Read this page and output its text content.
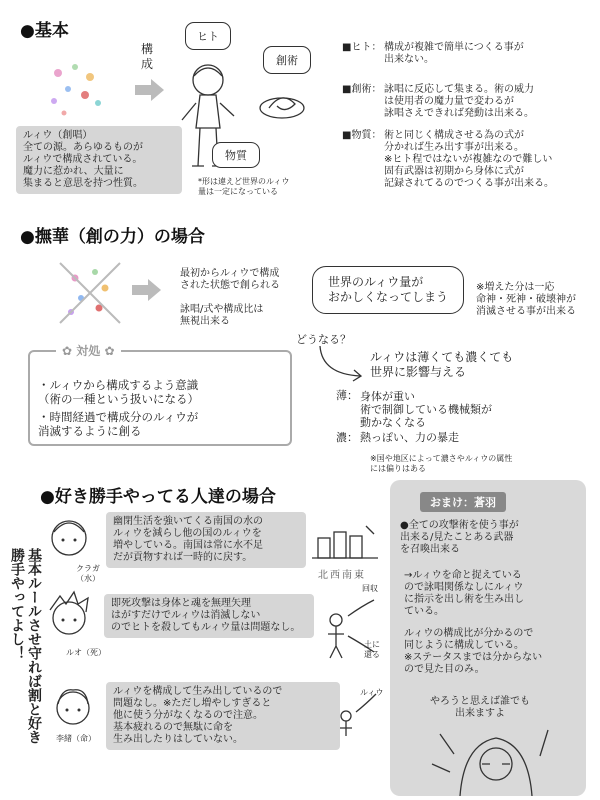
●基本
ルィウ（創唱）
全ての源。あらゆるものが
ルィウで構成されている。
魔力に惹かれ、大量に
集まると意思を持つ性質。
構
成
ヒト
創術
物質
*形は違えど世界のルィウ
量は一定になっている
■ヒト： 構成が複雑で簡単につくる事が
出来ない。
■創術： 詠唱に反応して集まる。術の威力
は使用者の魔力量で変わるが
詠唱さえできれば発動は出来る。
■物質： 術と同じく構成させる為の式が
分かれば生み出す事が出来る。
※ヒト程ではないが複雑なので難しい
固有武器は初期から身体に式が
記録されてるのでつくる事が出来る。
●撫華（創の力）の場合
最初からルィウで構成
された状態で創られる
詠唱/式や構成比は
無視出来る
世界のルィウ量が
おかしくなってしまう
※増えた分は一応
命神・死神・破壊神が
消滅させる事が出来る
どうなる？
✿ 対処 ✿
・ルィウから構成するよう意識
（術の一種という扱いになる）
・時間経過で構成分のルィウが
消滅するように創る
ルィウは薄くても濃くても
世界に影響与える
薄： 身体が重い
術で制御している機械類が
動かなくなる
濃： 熱っぽい、力の暴走
※国や地区によって濃さやルィウの属性
には偏りはある
●好き勝手やってる人達の場合
基本ルールさせ守れば割と好き勝手やってよし！	クラガ
（水）
幽閉生活を強いてくる南国の水の
ルィウを減らし他の国のルィウを
増やしている。南国は常に水不足
だが貢物すれば一時的に戻す。
ルオ（死）
即死攻撃は身体と魂を無理矢理
はがすだけでルィウは消滅しない
のでヒトを殺してもルィウ量は問題なし。
李緒（命）
ルィウを構成して生み出しているので
問題なし。※ただし増やしすぎると
他に使う分がなくなるので注意。
基本疲れるので無駄に命を
生み出したりはしていない。
北西南東
回収
土に
還る
ルィウ
おまけ：蒼羽
●全ての攻撃術を使う事が
出来る/見たことある武器
を召喚出来る
→ルィウを命と捉えている
ので詠唱関係なしにルィウ
に指示を出し術を生み出し
ている。
ルィウの構成比が分かるので
同じように構成している。
※ステータスまでは分からない
ので見た目のみ。
やろうと思えば誰でも
出来ますよ
